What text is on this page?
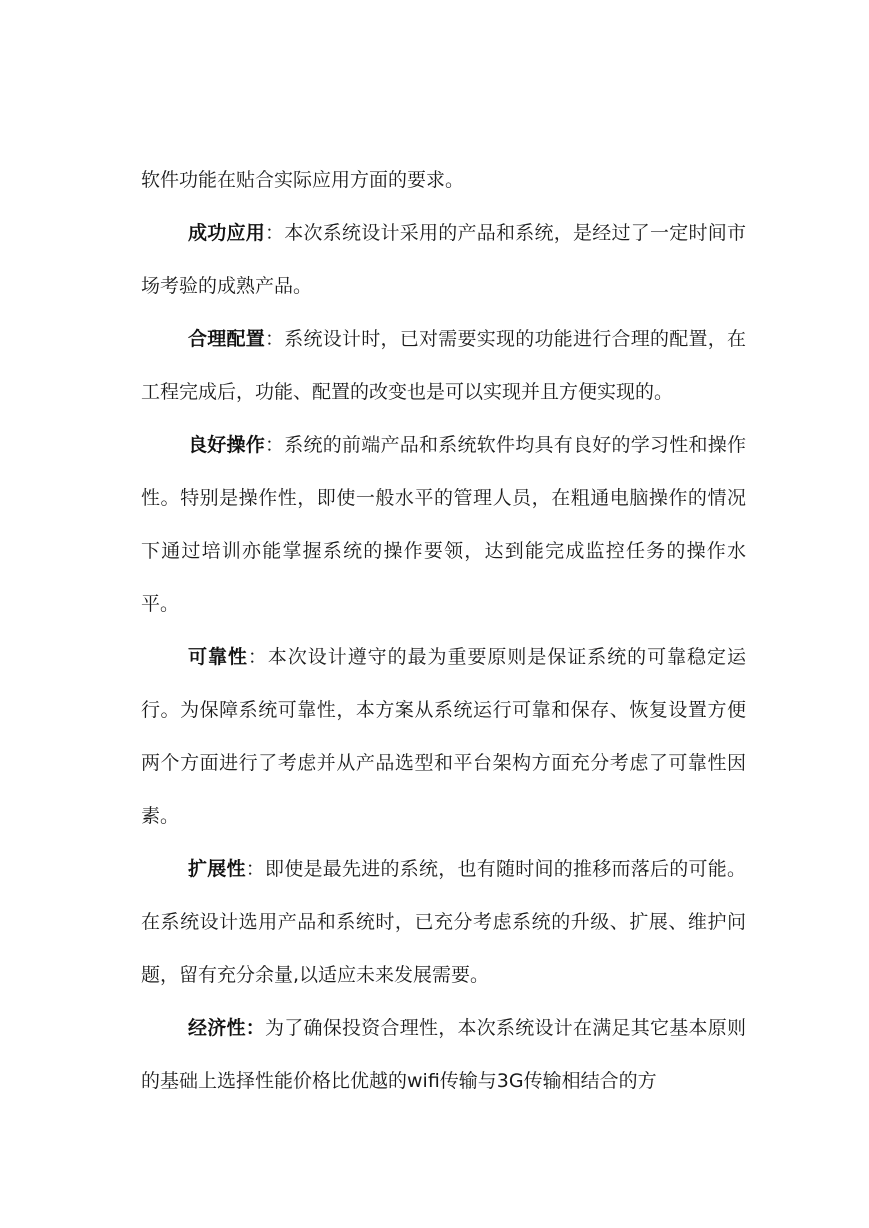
软件功能在贴合实际应用方面的要求。

成功应用：本次系统设计采用的产品和系统，是经过了一定时间市场考验的成熟产品。

合理配置：系统设计时，已对需要实现的功能进行合理的配置，在工程完成后，功能、配置的改变也是可以实现并且方便实现的。

良好操作：系统的前端产品和系统软件均具有良好的学习性和操作性。特别是操作性，即使一般水平的管理人员，在粗通电脑操作的情况下通过培训亦能掌握系统的操作要领，达到能完成监控任务的操作水平。

可靠性：本次设计遵守的最为重要原则是保证系统的可靠稳定运行。为保障系统可靠性，本方案从系统运行可靠和保存、恢复设置方便两个方面进行了考虑并从产品选型和平台架构方面充分考虑了可靠性因素。

扩展性：即使是最先进的系统，也有随时间的推移而落后的可能。在系统设计选用产品和系统时，已充分考虑系统的升级、扩展、维护问题，留有充分余量,以适应未来发展需要。

经济性：为了确保投资合理性，本次系统设计在满足其它基本原则的基础上选择性能价格比优越的wifi传输与3G传输相结合的方
